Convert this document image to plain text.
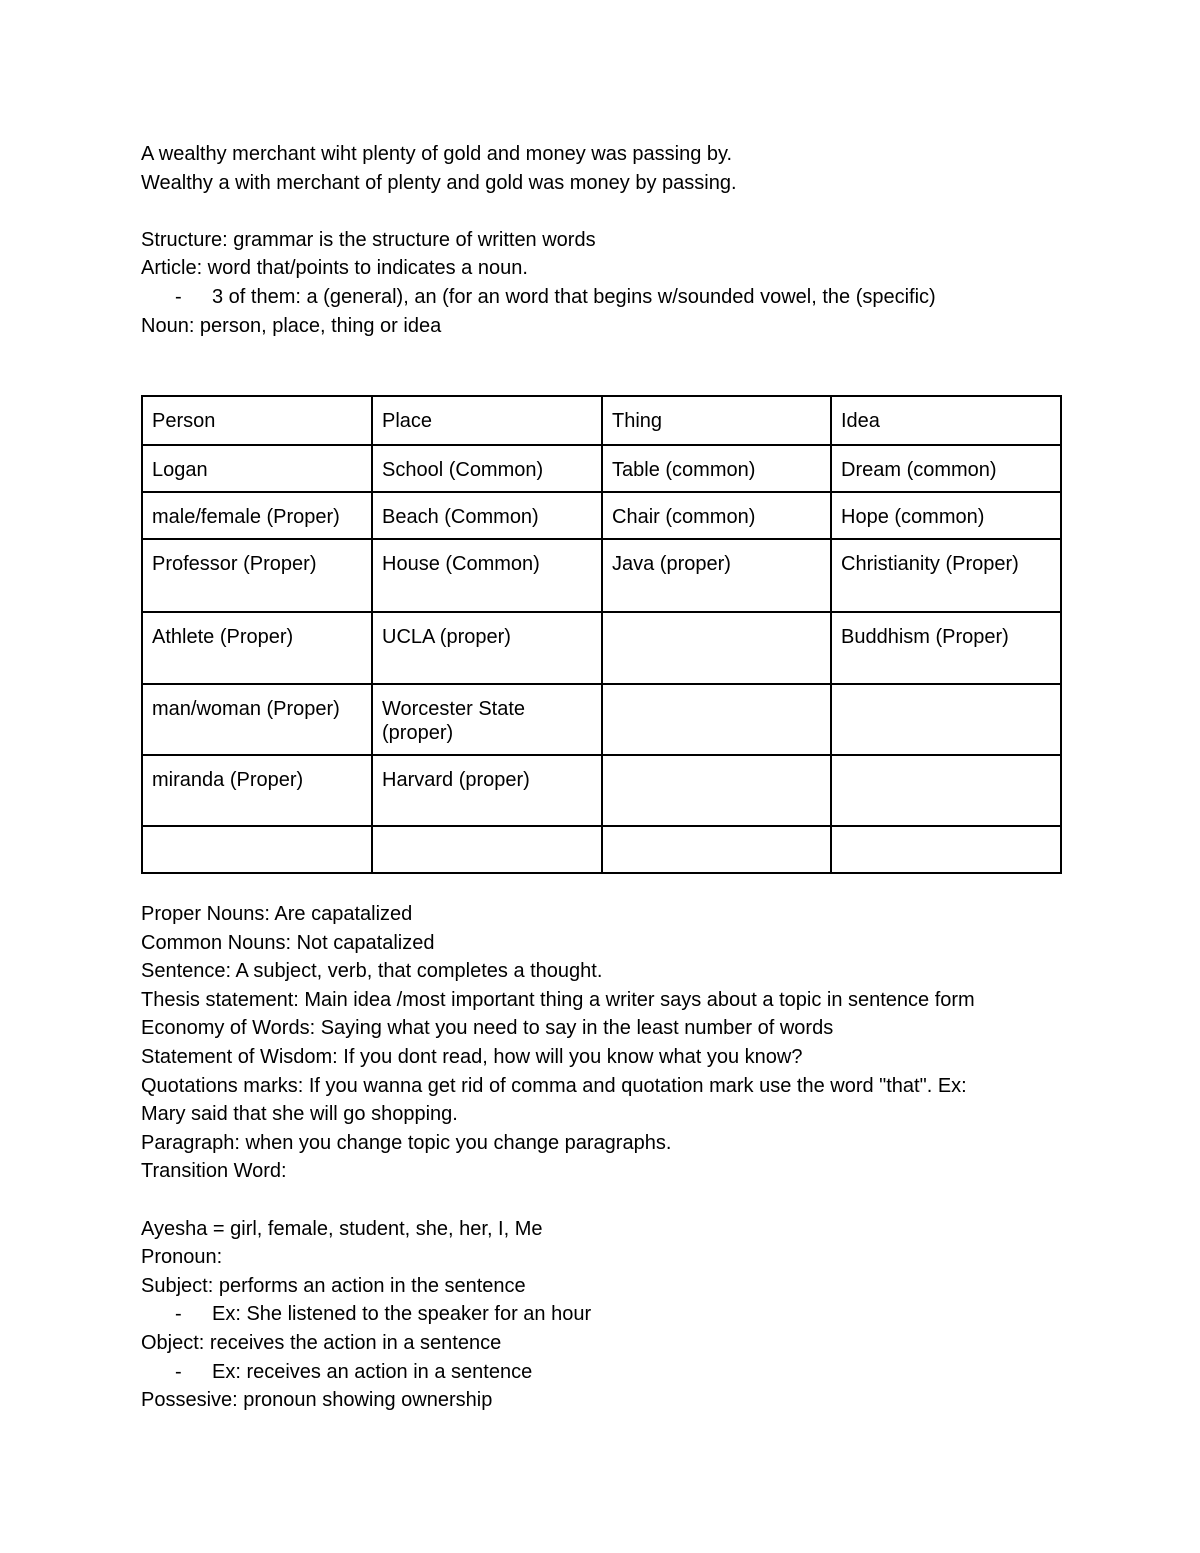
A wealthy merchant wiht plenty of gold and money was passing by.
Wealthy a with merchant of plenty and gold was money by passing.
Structure: grammar is the structure of written words
Article: word that/points to indicates a noun.
- 3 of them: a (general), an (for an word that begins w/sounded vowel, the (specific)
Noun: person, place, thing or idea
Person	Place	Thing	Idea
Logan	School (Common)	Table (common)	Dream (common)
male/female (Proper)	Beach (Common)	Chair (common)	Hope (common)
Professor (Proper)	House (Common)	Java (proper)	Christianity (Proper)
Athlete (Proper)	UCLA (proper)		Buddhism (Proper)
man/woman (Proper)	Worcester State (proper)		
miranda (Proper)	Harvard (proper)		

Proper Nouns: Are capatalized
Common Nouns: Not capatalized
Sentence: A subject, verb, that completes a thought.
Thesis statement: Main idea /most important thing a writer says about a topic in sentence form
Economy of Words: Saying what you need to say in the least number of words
Statement of Wisdom: If you dont read, how will you know what you know?
Quotations marks: If you wanna get rid of comma and quotation mark use the word "that". Ex:
Mary said that she will go shopping.
Paragraph: when you change topic you change paragraphs.
Transition Word:
Ayesha = girl, female, student, she, her, I, Me
Pronoun:
Subject: performs an action in the sentence
- Ex: She listened to the speaker for an hour
Object: receives the action in a sentence
- Ex: receives an action in a sentence
Possesive: pronoun showing ownership
